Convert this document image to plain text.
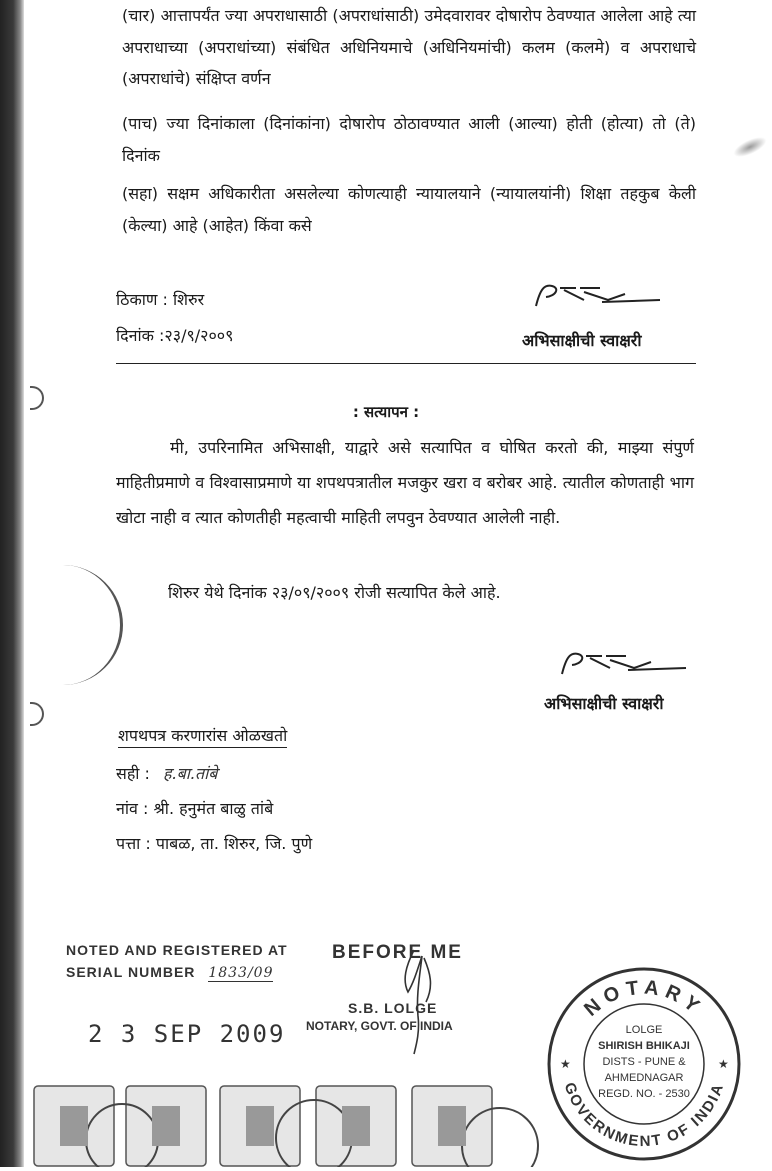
(चार) आत्तापर्यंत ज्या अपराधासाठी (अपराधांसाठी) उमेदवारावर दोषारोप ठेवण्यात आलेला आहे त्या अपराधाच्या (अपराधांच्या) संबंधित अधिनियमाचे (अधिनियमांची) कलम (कलमे) व अपराधाचे (अपराधांचे) संक्षिप्त वर्णन

(पाच) ज्या दिनांकाला (दिनांकांना) दोषारोप ठोठावण्यात आली (आल्या) होती (होत्या) तो (ते) दिनांक

(सहा) सक्षम अधिकारीता असलेल्या कोणत्याही न्यायालयाने (न्यायालयांनी) शिक्षा तहकुब केली (केल्या) आहे (आहेत) किंवा कसे

ठिकाण : शिरुर
दिनांक :२३/९/२००९	अभिसाक्षीची स्वाक्षरी
: सत्यापन :

मी, उपरिनामित अभिसाक्षी, याद्वारे असे सत्यापित व घोषित करतो की, माझ्या संपुर्ण माहितीप्रमाणे व विश्वासाप्रमाणे या शपथपत्रातील मजकुर खरा व बरोबर आहे. त्यातील कोणताही भाग खोटा नाही व त्यात कोणतीही महत्वाची माहिती लपवुन ठेवण्यात आलेली नाही.

शिरुर येथे दिनांक २३/०९/२००९ रोजी सत्यापित केले आहे.
अभिसाक्षीची स्वाक्षरी
शपथपत्र करणारांस ओळखतो
सही : ह.बा.तांबे
नांव : श्री. हनुमंत बाळु तांबे
पत्ता : पाबळ, ता. शिरुर, जि. पुणे
NOTED AND REGISTERED AT
SERIAL NUMBER 1833/09
2 3 SEP 2009
BEFORE ME
S.B. LOLGE
NOTARY, GOVT. OF INDIA
NOTARY
GOVERNMENT OF INDIA
★	★
LOLGE
SHIRISH BHIKAJI
DISTS - PUNE &
AHMEDNAGAR
REGD. NO. - 2530
